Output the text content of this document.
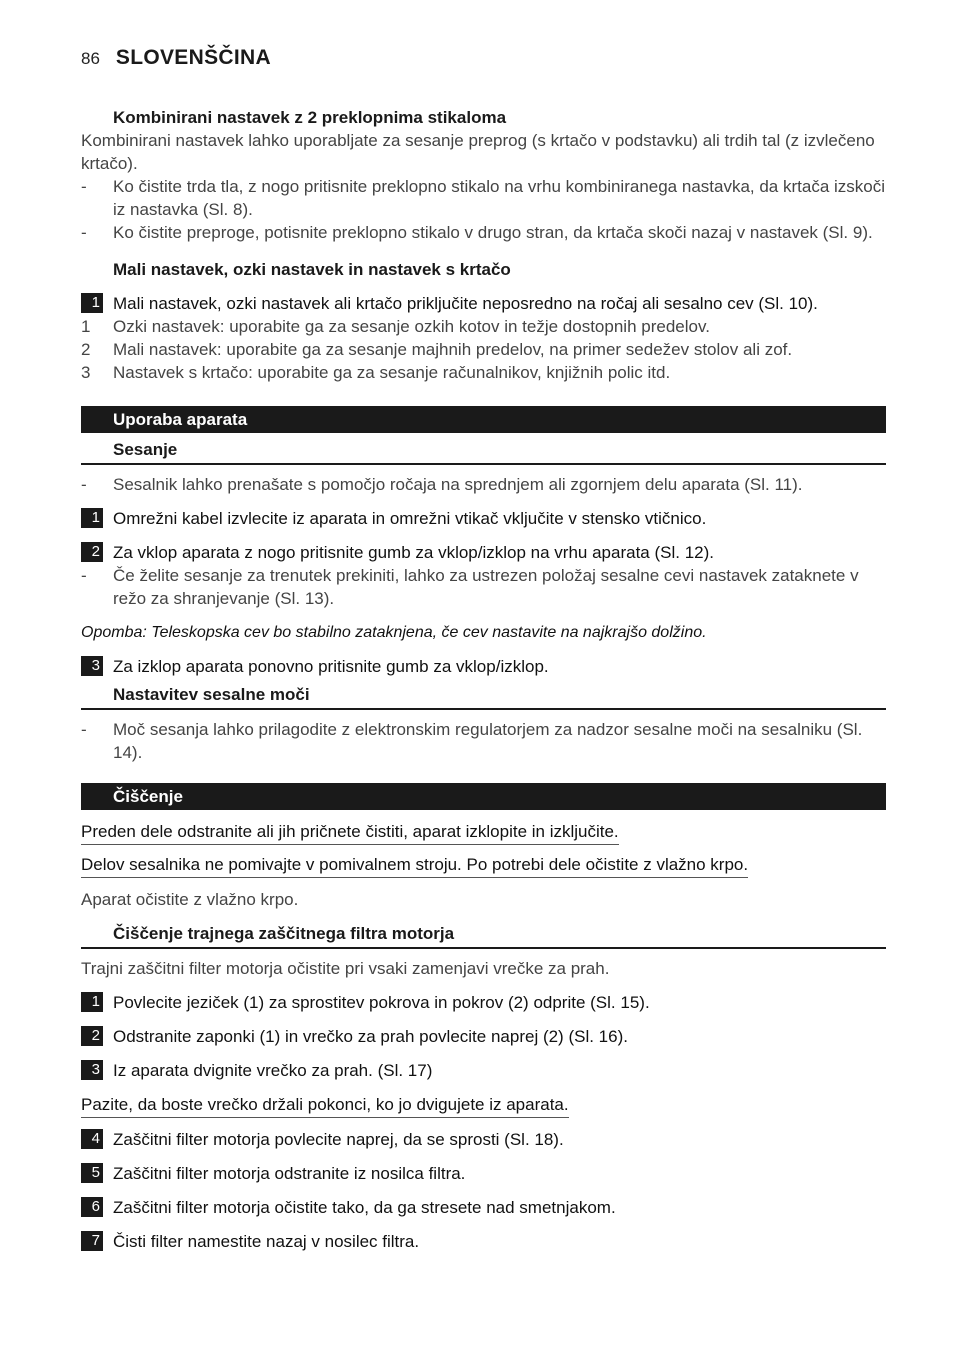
86 SLOVENŠČINA
Kombinirani nastavek z 2 preklopnima stikaloma

Kombinirani nastavek lahko uporabljate za sesanje preprog (s krtačo v podstavku) ali trdih tal (z izvlečeno krtačo).

-	Ko čistite trda tla, z nogo pritisnite preklopno stikalo na vrhu kombiniranega nastavka, da krtača izskoči iz nastavka (Sl. 8).
-	Ko čistite preproge, potisnite preklopno stikalo v drugo stran, da krtača skoči nazaj v nastavek (Sl. 9).
Mali nastavek, ozki nastavek in nastavek s krtačo
1 Mali nastavek, ozki nastavek ali krtačo priključite neposredno na ročaj ali sesalno cev (Sl. 10).
1	Ozki nastavek: uporabite ga za sesanje ozkih kotov in težje dostopnih predelov.
2	Mali nastavek: uporabite ga za sesanje majhnih predelov, na primer sedežev stolov ali zof.
3	Nastavek s krtačo: uporabite ga za sesanje računalnikov, knjižnih polic itd.
Uporaba aparata
Sesanje
-	Sesalnik lahko prenašate s pomočjo ročaja na sprednjem ali zgornjem delu aparata (Sl. 11).
1 Omrežni kabel izvlecite iz aparata in omrežni vtikač vključite v stensko vtičnico.
2 Za vklop aparata z nogo pritisnite gumb za vklop/izklop na vrhu aparata (Sl. 12).
-	Če želite sesanje za trenutek prekiniti, lahko za ustrezen položaj sesalne cevi nastavek zataknete v režo za shranjevanje (Sl. 13).

Opomba: Teleskopska cev bo stabilno zataknjena, če cev nastavite na najkrajšo dolžino.

3 Za izklop aparata ponovno pritisnite gumb za vklop/izklop.
Nastavitev sesalne moči
-	Moč sesanja lahko prilagodite z elektronskim regulatorjem za nadzor sesalne moči na sesalniku (Sl. 14).
Čiščenje
Preden dele odstranite ali jih pričnete čistiti, aparat izklopite in izključite.
Delov sesalnika ne pomivajte v pomivalnem stroju. Po potrebi dele očistite z vlažno krpo.

Aparat očistite z vlažno krpo.

Čiščenje trajnega zaščitnega filtra motorja

Trajni zaščitni filter motorja očistite pri vsaki zamenjavi vrečke za prah.

1 Povlecite jeziček (1) za sprostitev pokrova in pokrov (2) odprite (Sl. 15).
2 Odstranite zaponki (1) in vrečko za prah povlecite naprej (2) (Sl. 16).
3 Iz aparata dvignite vrečko za prah. (Sl. 17)
Pazite, da boste vrečko držali pokonci, ko jo dvigujete iz aparata.
4 Zaščitni filter motorja povlecite naprej, da se sprosti (Sl. 18).
5 Zaščitni filter motorja odstranite iz nosilca filtra.
6 Zaščitni filter motorja očistite tako, da ga stresete nad smetnjakom.
7 Čisti filter namestite nazaj v nosilec filtra.
